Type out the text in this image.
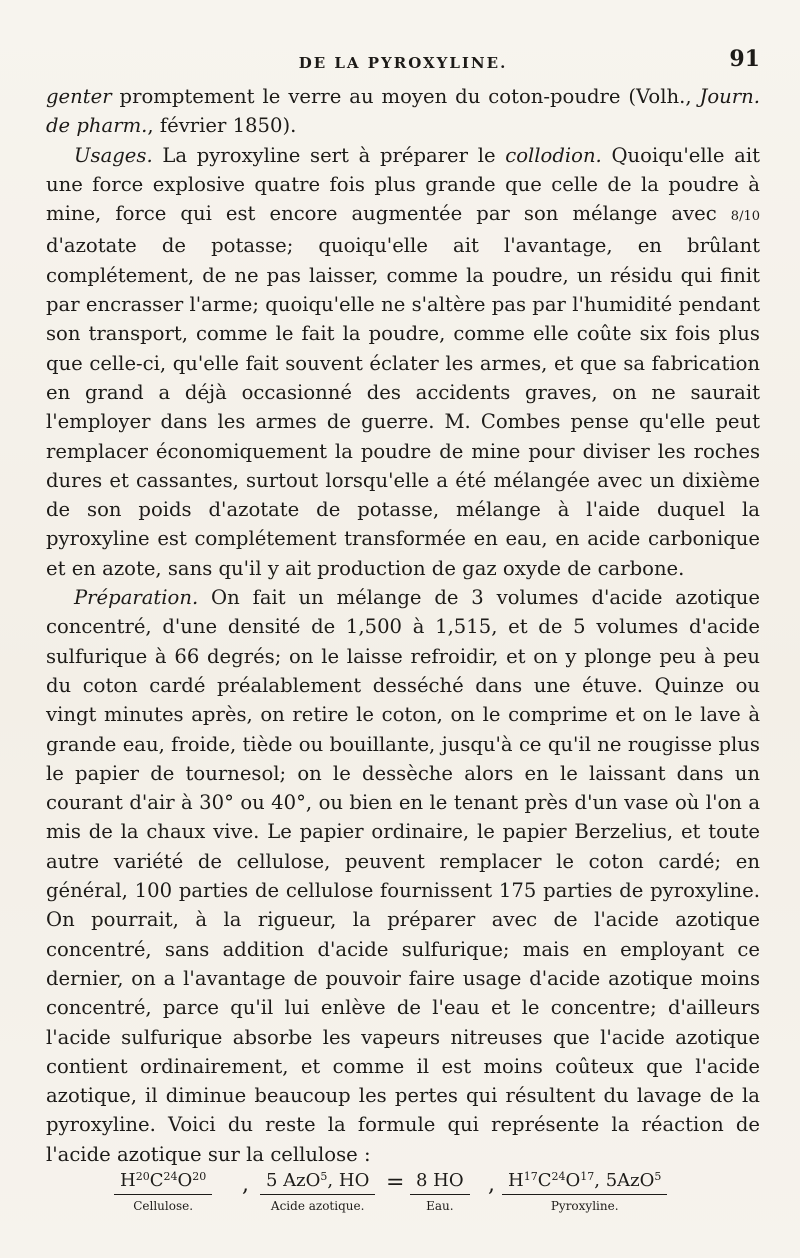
DE LA PYROXYLINE.	91

genter promptement le verre au moyen du coton-poudre (Volh., Journ. de pharm., février 1850).

Usages. La pyroxyline sert à préparer le collodion. Quoiqu'elle ait une force explosive quatre fois plus grande que celle de la poudre à mine, force qui est encore augmentée par son mélange avec 8/10 d'azotate de potasse; quoiqu'elle ait l'avantage, en brûlant complétement, de ne pas laisser, comme la poudre, un résidu qui finit par encrasser l'arme; quoiqu'elle ne s'altère pas par l'humidité pendant son transport, comme le fait la poudre, comme elle coûte six fois plus que celle-ci, qu'elle fait souvent éclater les armes, et que sa fabrication en grand a déjà occasionné des accidents graves, on ne saurait l'employer dans les armes de guerre. M. Combes pense qu'elle peut remplacer économiquement la poudre de mine pour diviser les roches dures et cassantes, surtout lorsqu'elle a été mélangée avec un dixième de son poids d'azotate de potasse, mélange à l'aide duquel la pyroxyline est complétement transformée en eau, en acide carbonique et en azote, sans qu'il y ait production de gaz oxyde de carbone.

Préparation. On fait un mélange de 3 volumes d'acide azotique concentré, d'une densité de 1,500 à 1,515, et de 5 volumes d'acide sulfurique à 66 degrés; on le laisse refroidir, et on y plonge peu à peu du coton cardé préalablement desséché dans une étuve. Quinze ou vingt minutes après, on retire le coton, on le comprime et on le lave à grande eau, froide, tiède ou bouillante, jusqu'à ce qu'il ne rougisse plus le papier de tournesol; on le dessèche alors en le laissant dans un courant d'air à 30° ou 40°, ou bien en le tenant près d'un vase où l'on a mis de la chaux vive. Le papier ordinaire, le papier Berzelius, et toute autre variété de cellulose, peuvent remplacer le coton cardé; en général, 100 parties de cellulose fournissent 175 parties de pyroxyline. On pourrait, à la rigueur, la préparer avec de l'acide azotique concentré, sans addition d'acide sulfurique; mais en employant ce dernier, on a l'avantage de pouvoir faire usage d'acide azotique moins concentré, parce qu'il lui enlève de l'eau et le concentre; d'ailleurs l'acide sulfurique absorbe les vapeurs nitreuses que l'acide azotique contient ordinairement, et comme il est moins coûteux que l'acide azotique, il diminue beaucoup les pertes qui résultent du lavage de la pyroxyline. Voici du reste la formule qui représente la réaction de l'acide azotique sur la cellulose :

$H^{20}C^{24}O^{20}$
Cellulose.
, 5 AzO$^5$, HO
Acide azotique.
= 8 HO
Eau.
, $H^{17}C^{24}O^{17}$, 5AzO$^5$
Pyroxyline.
